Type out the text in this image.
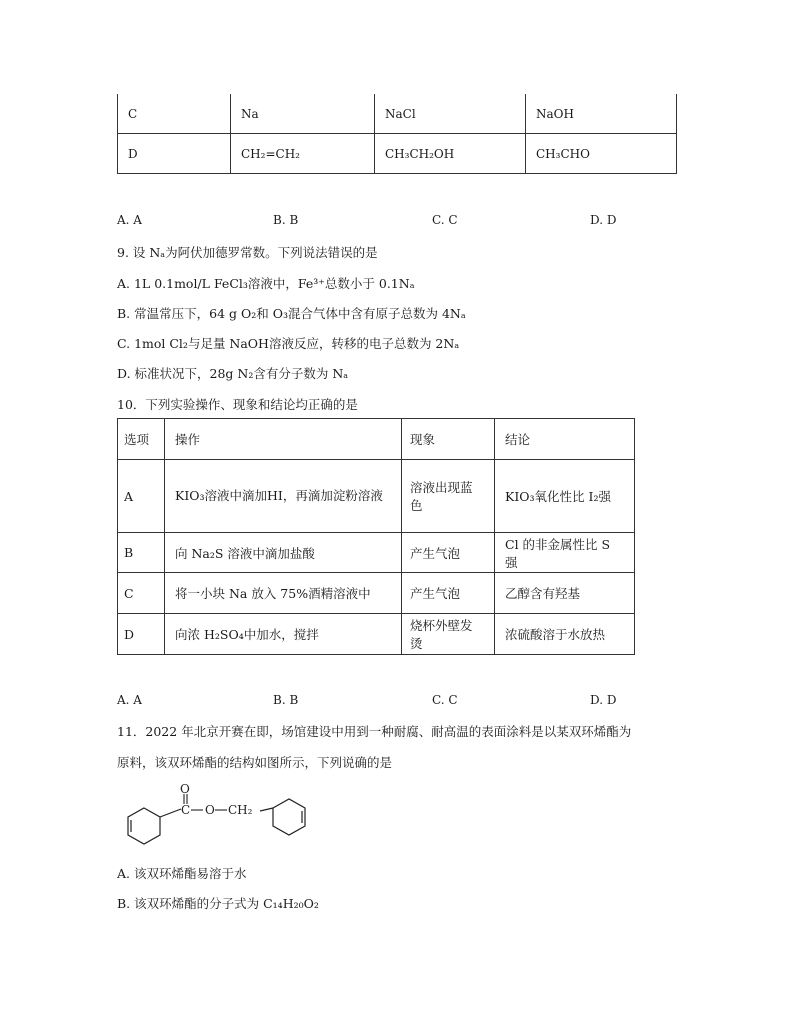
C	Na	NaCl	NaOH
D	CH₂=CH₂	CH₃CH₂OH	CH₃CHO
A. A	B. B	C. C	D. D
9. 设 Nₐ为阿伏加德罗常数。下列说法错误的是
A. 1L 0.1mol/L FeCl₃溶液中，Fe³⁺总数小于 0.1Nₐ
B. 常温常压下，64 g O₂和 O₃混合气体中含有原子总数为 4Nₐ
C. 1mol Cl₂与足量 NaOH溶液反应，转移的电子总数为 2Nₐ
D. 标准状况下，28g N₂含有分子数为 Nₐ
10．下列实验操作、现象和结论均正确的是
选项	操作	现象	结论
A	KIO₃溶液中滴加HI，再滴加淀粉溶液	溶液出现蓝色	KIO₃氧化性比 I₂强
B	向 Na₂S 溶液中滴加盐酸	产生气泡	Cl 的非金属性比 S 强
C	将一小块 Na 放入 75%酒精溶液中	产生气泡	乙醇含有羟基
D	向浓 H₂SO₄中加水，搅拌	烧杯外壁发烫	浓硫酸溶于水放热
A. A	B. B	C. C	D. D
11．2022 年北京开赛在即，场馆建设中用到一种耐腐、耐高温的表面涂料是以某双环烯酯为
原料，该双环烯酯的结构如图所示，下列说确的是
O
C O CH₂
A. 该双环烯酯易溶于水
B. 该双环烯酯的分子式为 C₁₄H₂₀O₂
